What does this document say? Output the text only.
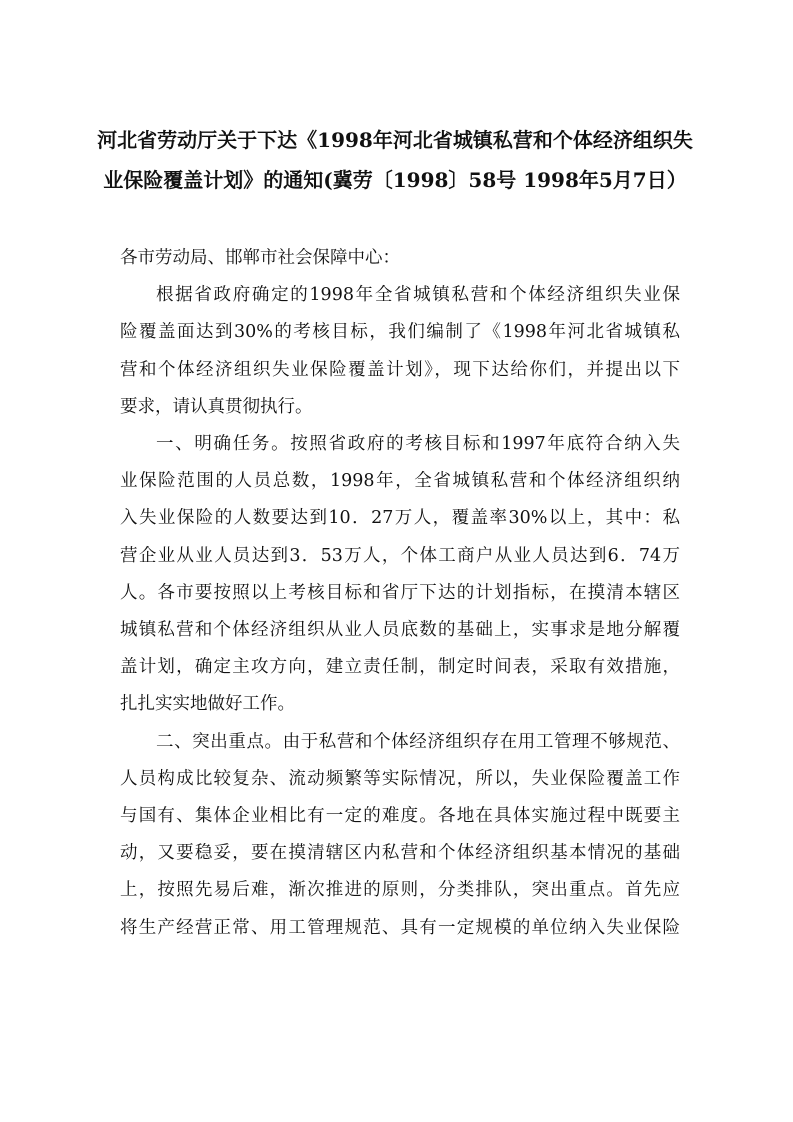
河北省劳动厅关于下达《1998年河北省城镇私营和个体经济组织失
业保险覆盖计划》的通知(冀劳〔1998〕58号 1998年5月7日）

各市劳动局、邯郸市社会保障中心：

根据省政府确定的1998年全省城镇私营和个体经济组织失业保
险覆盖面达到30%的考核目标，我们编制了《1998年河北省城镇私
营和个体经济组织失业保险覆盖计划》，现下达给你们，并提出以下
要求，请认真贯彻执行。

一、明确任务。按照省政府的考核目标和1997年底符合纳入失
业保险范围的人员总数，1998年，全省城镇私营和个体经济组织纳
入失业保险的人数要达到10．27万人，覆盖率30%以上，其中：私
营企业从业人员达到3．53万人，个体工商户从业人员达到6．74万
人。各市要按照以上考核目标和省厅下达的计划指标，在摸清本辖区
城镇私营和个体经济组织从业人员底数的基础上，实事求是地分解覆
盖计划，确定主攻方向，建立责任制，制定时间表，采取有效措施，
扎扎实实地做好工作。

二、突出重点。由于私营和个体经济组织存在用工管理不够规范、
人员构成比较复杂、流动频繁等实际情况，所以，失业保险覆盖工作
与国有、集体企业相比有一定的难度。各地在具体实施过程中既要主
动，又要稳妥，要在摸清辖区内私营和个体经济组织基本情况的基础
上，按照先易后难，渐次推进的原则，分类排队，突出重点。首先应
将生产经营正常、用工管理规范、具有一定规模的单位纳入失业保险
